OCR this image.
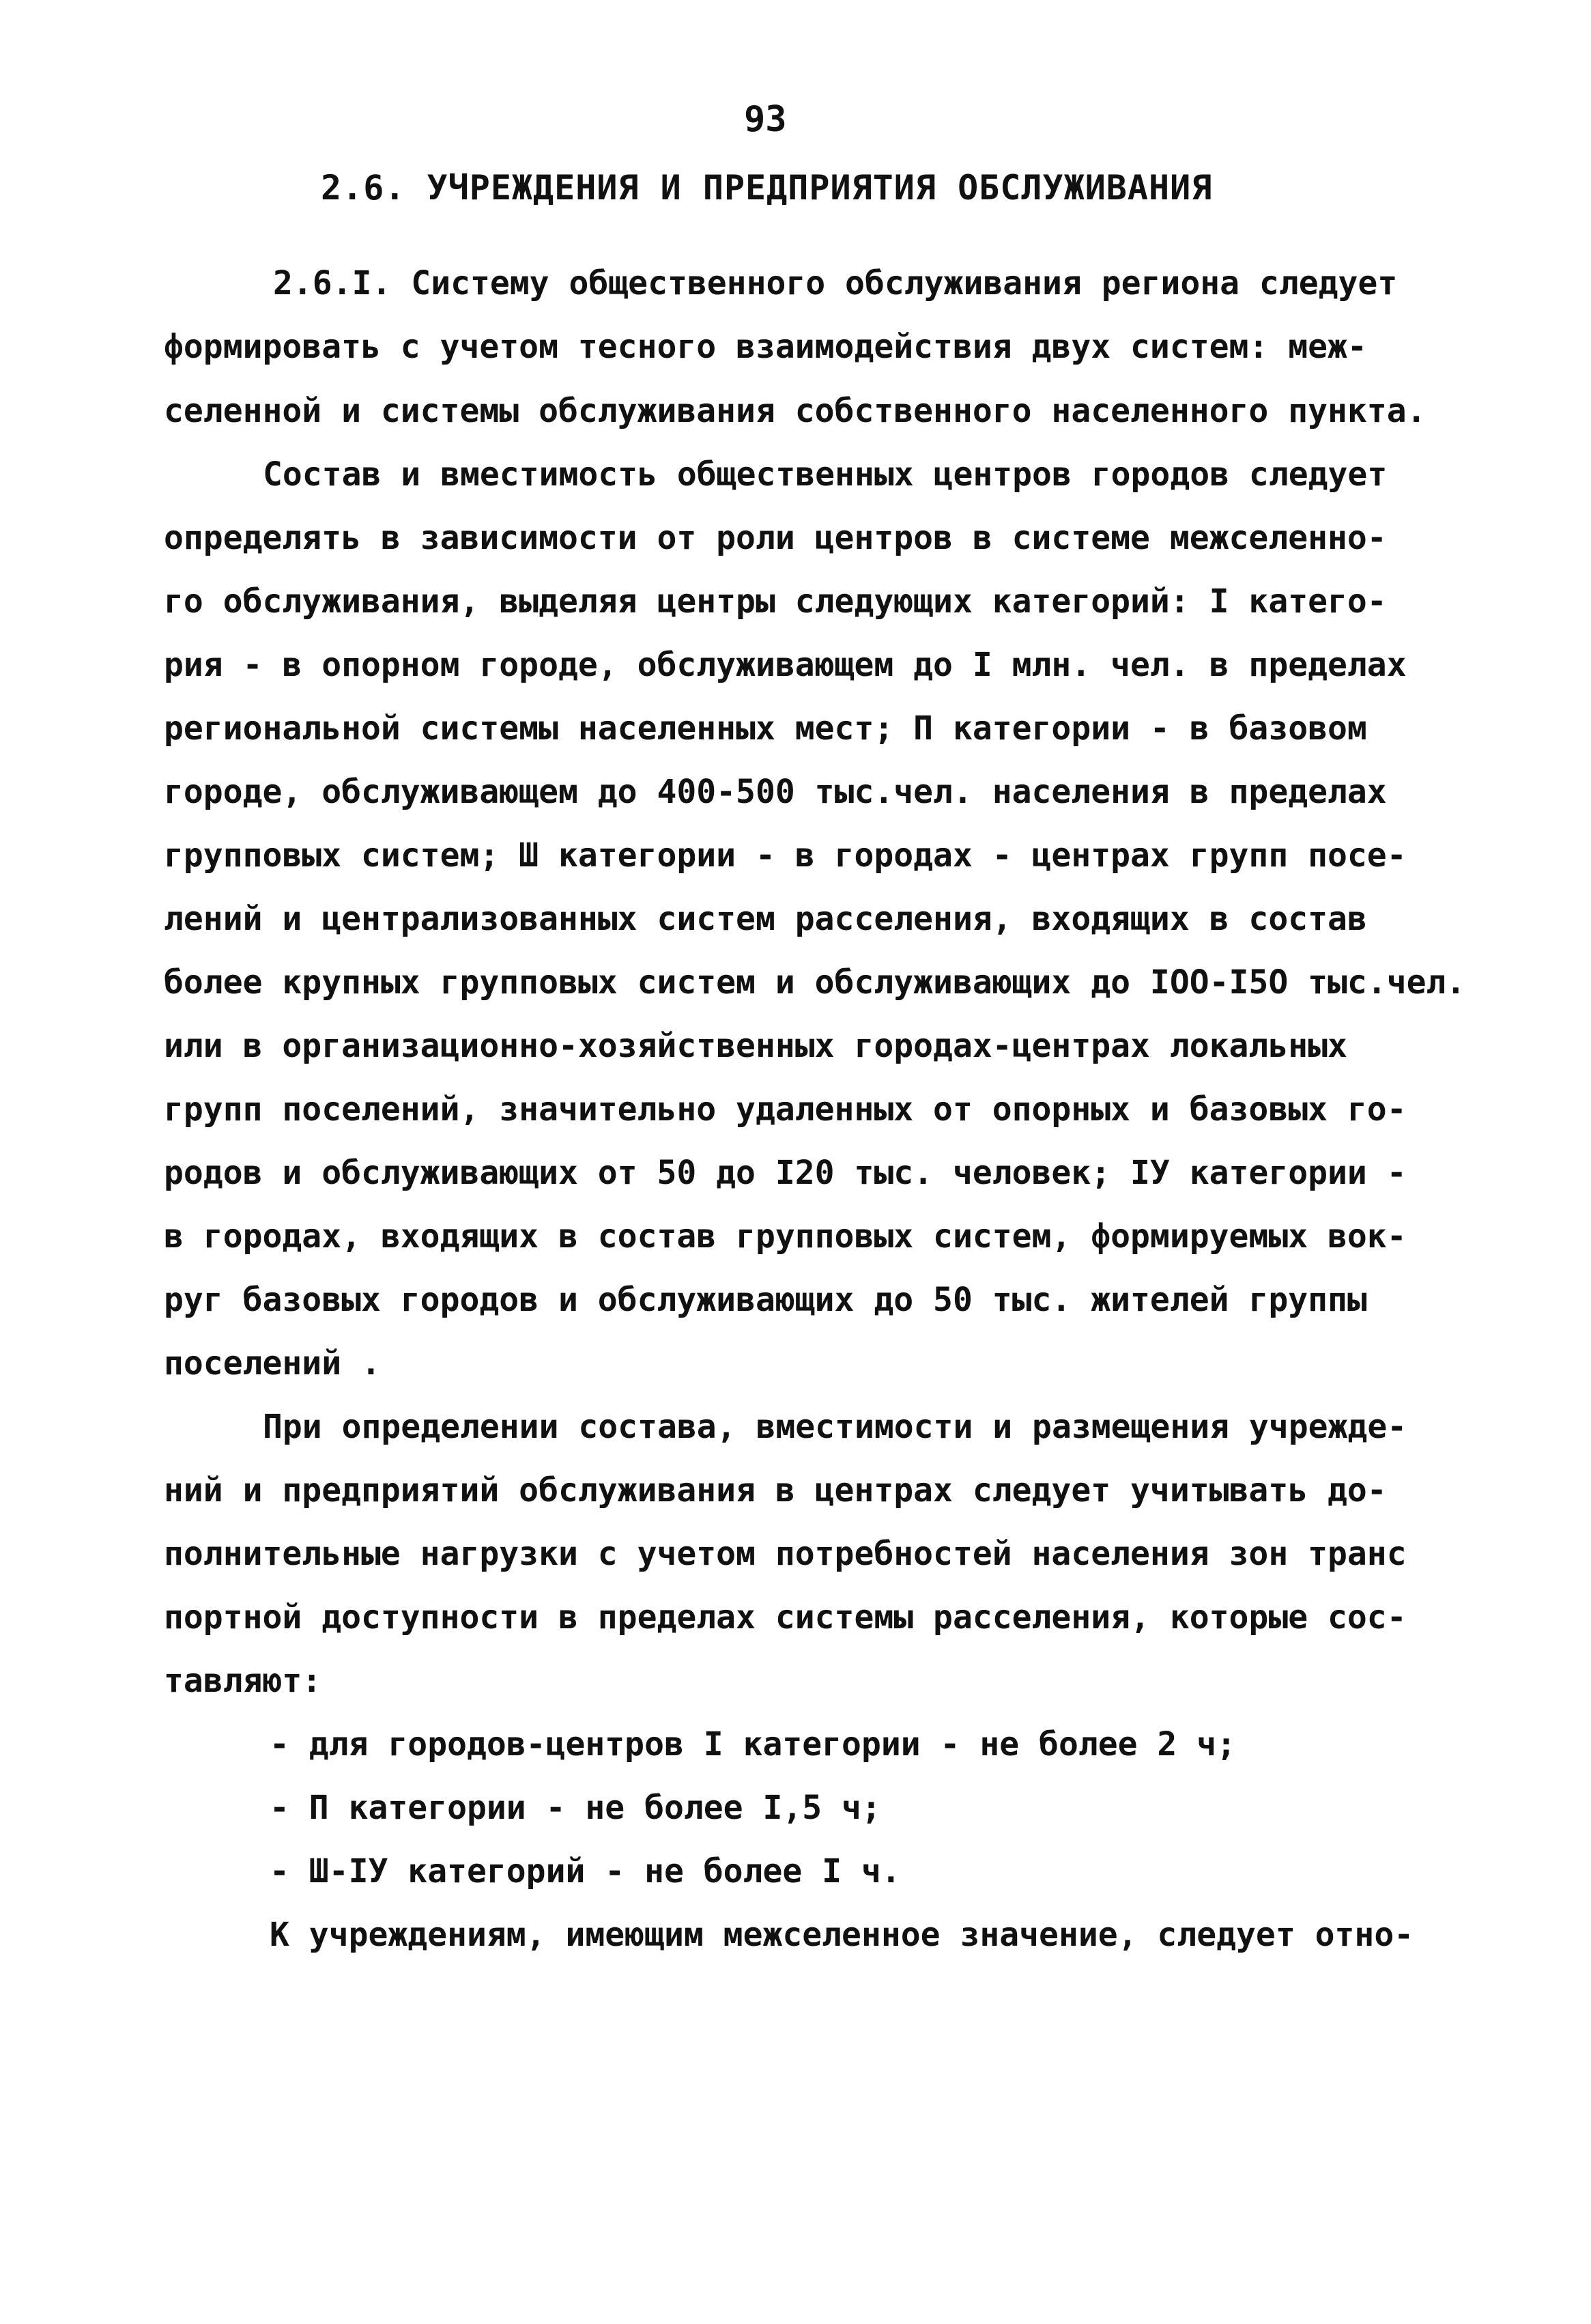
93
2.6. УЧРЕЖДЕНИЯ И ПРЕДПРИЯТИЯ ОБСЛУЖИВАНИЯ
2.6.I. Систему общественного обслуживания региона следует
формировать с учетом тесного взаимодействия двух систем: меж-
селенной и системы обслуживания собственного населенного пункта.
Состав и вместимость общественных центров городов следует
определять в зависимости от роли центров в системе межселенно-
го обслуживания, выделяя центры следующих категорий: I катего-
рия - в опорном городе, обслуживающем до I млн. чел. в пределах
региональной системы населенных мест; П категории - в базовом
городе, обслуживающем до 400-500 тыс.чел. населения в пределах
групповых систем; Ш категории - в городах - центрах групп посе-
лений и централизованных систем расселения, входящих в состав
более крупных групповых систем и обслуживающих до IOO-I5O тыс.чел.
или в организационно-хозяйственных городах-центрах локальных
групп поселений, значительно удаленных от опорных и базовых го-
родов и обслуживающих от 50 до I20 тыс. человек; IУ категории -
в городах, входящих в состав групповых систем, формируемых вок-
руг базовых городов и обслуживающих до 50 тыс. жителей группы
поселений .
При определении состава, вместимости и размещения учрежде-
ний и предприятий обслуживания в центрах следует учитывать до-
полнительные нагрузки с учетом потребностей населения зон транс
портной доступности в пределах системы расселения, которые сос-
тавляют:
- для городов-центров I категории - не более 2 ч;
- П категории - не более I,5 ч;
- Ш-IУ категорий - не более I ч.
К учреждениям, имеющим межселенное значение, следует отно-
